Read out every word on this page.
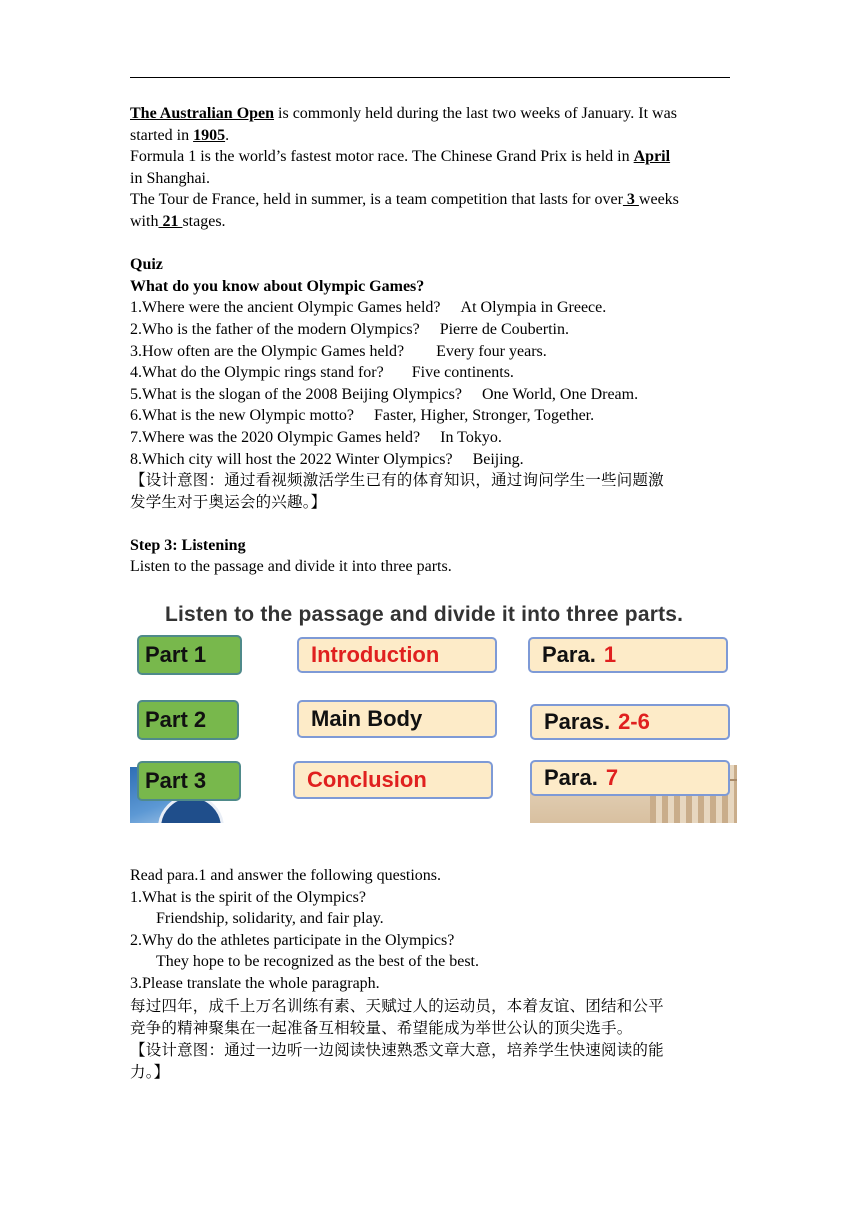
The Australian Open is commonly held during the last two weeks of January. It was
started in 1905.
Formula 1 is the world’s fastest motor race. The Chinese Grand Prix is held in April
in Shanghai.
The Tour de France, held in summer, is a team competition that lasts for over 3 weeks
with 21 stages.
Quiz
What do you know about Olympic Games?
1.Where were the ancient Olympic Games held? At Olympia in Greece.
2.Who is the father of the modern Olympics? Pierre de Coubertin.
3.How often are the Olympic Games held? Every four years.
4.What do the Olympic rings stand for? Five continents.
5.What is the slogan of the 2008 Beijing Olympics? One World, One Dream.
6.What is the new Olympic motto? Faster, Higher, Stronger, Together.
7.Where was the 2020 Olympic Games held? In Tokyo.
8.Which city will host the 2022 Winter Olympics? Beijing.
【设计意图：通过看视频激活学生已有的体育知识，通过询问学生一些问题激
发学生对于奥运会的兴趣。】
Step 3: Listening
Listen to the passage and divide it into three parts.
Listen to the passage and divide it into three parts.
Part 1	Introduction	Para. 1
Part 2	Main Body	Paras. 2-6
Part 3	Conclusion	Para. 7
Read para.1 and answer the following questions.
1.What is the spirit of the Olympics?
Friendship, solidarity, and fair play.
2.Why do the athletes participate in the Olympics?
They hope to be recognized as the best of the best.
3.Please translate the whole paragraph.
每过四年，成千上万名训练有素、天赋过人的运动员，本着友谊、团结和公平
竞争的精神聚集在一起准备互相较量、希望能成为举世公认的顶尖选手。
【设计意图：通过一边听一边阅读快速熟悉文章大意，培养学生快速阅读的能
力。】
